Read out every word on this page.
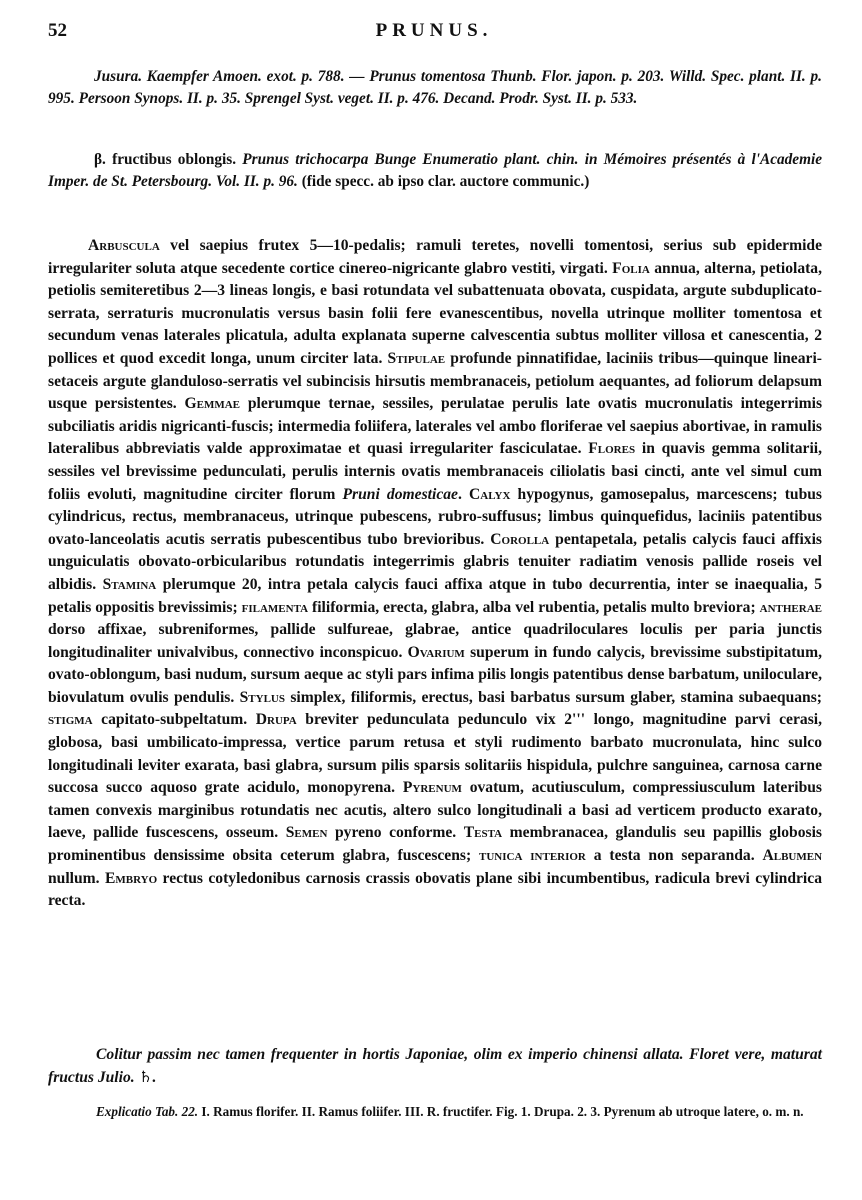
52	PRUNUS.
Jusura. Kaempfer Amoen. exot. p. 788. — Prunus tomentosa Thunb. Flor. japon. p. 203. Willd. Spec. plant. II. p. 995. Persoon Synops. II. p. 35. Sprengel Syst. veget. II. p. 476. Decand. Prodr. Syst. II. p. 533.
β. fructibus oblongis. Prunus trichocarpa Bunge Enumeratio plant. chin. in Mémoires présentés à l'Academie Imper. de St. Petersbourg. Vol. II. p. 96. (fide specc. ab ipso clar. auctore communic.)
Arbuscula vel saepius frutex 5—10-pedalis; ramuli teretes, novelli tomentosi, serius sub epidermide irregulariter soluta atque secedente cortice cinereo-nigricante glabro vestiti, virgati. Folia annua, alterna, petiolata, petiolis semiteretibus 2—3 lineas longis, e basi rotundata vel subattenuata obovata, cuspidata, argute subduplicato-serrata, serraturis mucronulatis versus basin folii fere evanescentibus, novella utrinque molliter tomentosa et secundum venas laterales plicatula, adulta explanata superne calvescentia subtus molliter villosa et canescentia, 2 pollices et quod excedit longa, unum circiter lata. Stipulae profunde pinnatifidae, laciniis tribus—quinque lineari-setaceis argute glanduloso-serratis vel subincisis hirsutis membranaceis, petiolum aequantes, ad foliorum delapsum usque persistentes. Gemmae plerumque ternae, sessiles, perulatae perulis late ovatis mucronulatis integerrimis subciliatis aridis nigricanti-fuscis; intermedia foliifera, laterales vel ambo floriferae vel saepius abortivae, in ramulis lateralibus abbreviatis valde approximatae et quasi irregulariter fasciculatae. Flores in quavis gemma solitarii, sessiles vel brevissime pedunculati, perulis internis ovatis membranaceis ciliolatis basi cincti, ante vel simul cum foliis evoluti, magnitudine circiter florum Pruni domesticae. Calyx hypogynus, gamosepalus, marcescens; tubus cylindricus, rectus, membranaceus, utrinque pubescens, rubro-suffusus; limbus quinquefidus, laciniis patentibus ovato-lanceolatis acutis serratis pubescentibus tubo brevioribus. Corolla pentapetala, petalis calycis fauci affixis unguiculatis obovato-orbicularibus rotundatis integerrimis glabris tenuiter radiatim venosis pallide roseis vel albidis. Stamina plerumque 20, intra petala calycis fauci affixa atque in tubo decurrentia, inter se inaequalia, 5 petalis oppositis brevissimis; filamenta filiformia, erecta, glabra, alba vel rubentia, petalis multo breviora; antherae dorso affixae, subreniformes, pallide sulfureae, glabrae, antice quadriloculares loculis per paria junctis longitudinaliter univalvibus, connectivo inconspicuo. Ovarium superum in fundo calycis, brevissime substipitatum, ovato-oblongum, basi nudum, sursum aeque ac styli pars infima pilis longis patentibus dense barbatum, uniloculare, biovulatum ovulis pendulis. Stylus simplex, filiformis, erectus, basi barbatus sursum glaber, stamina subaequans; stigma capitato-subpeltatum. Drupa breviter pedunculata pedunculo vix 2''' longo, magnitudine parvi cerasi, globosa, basi umbilicato-impressa, vertice parum retusa et styli rudimento barbato mucronulata, hinc sulco longitudinali leviter exarata, basi glabra, sursum pilis sparsis solitariis hispidula, pulchre sanguinea, carnosa carne succosa succo aquoso grate acidulo, monopyrena. Pyrenum ovatum, acutiusculum, compressiusculum lateribus tamen convexis marginibus rotundatis nec acutis, altero sulco longitudinali a basi ad verticem producto exarato, laeve, pallide fuscescens, osseum. Semen pyreno conforme. Testa membranacea, glandulis seu papillis globosis prominentibus densissime obsita ceterum glabra, fuscescens; tunica interior a testa non separanda. Albumen nullum. Embryo rectus cotyledonibus carnosis crassis obovatis plane sibi incumbentibus, radicula brevi cylindrica recta.
Colitur passim nec tamen frequenter in hortis Japoniae, olim ex imperio chinensi allata. Floret vere, maturat fructus Julio. ♄.
Explicatio Tab. 22. I. Ramus florifer. II. Ramus foliifer. III. R. fructifer. Fig. 1. Drupa. 2. 3. Pyrenum ab utroque latere, o. m. n.
